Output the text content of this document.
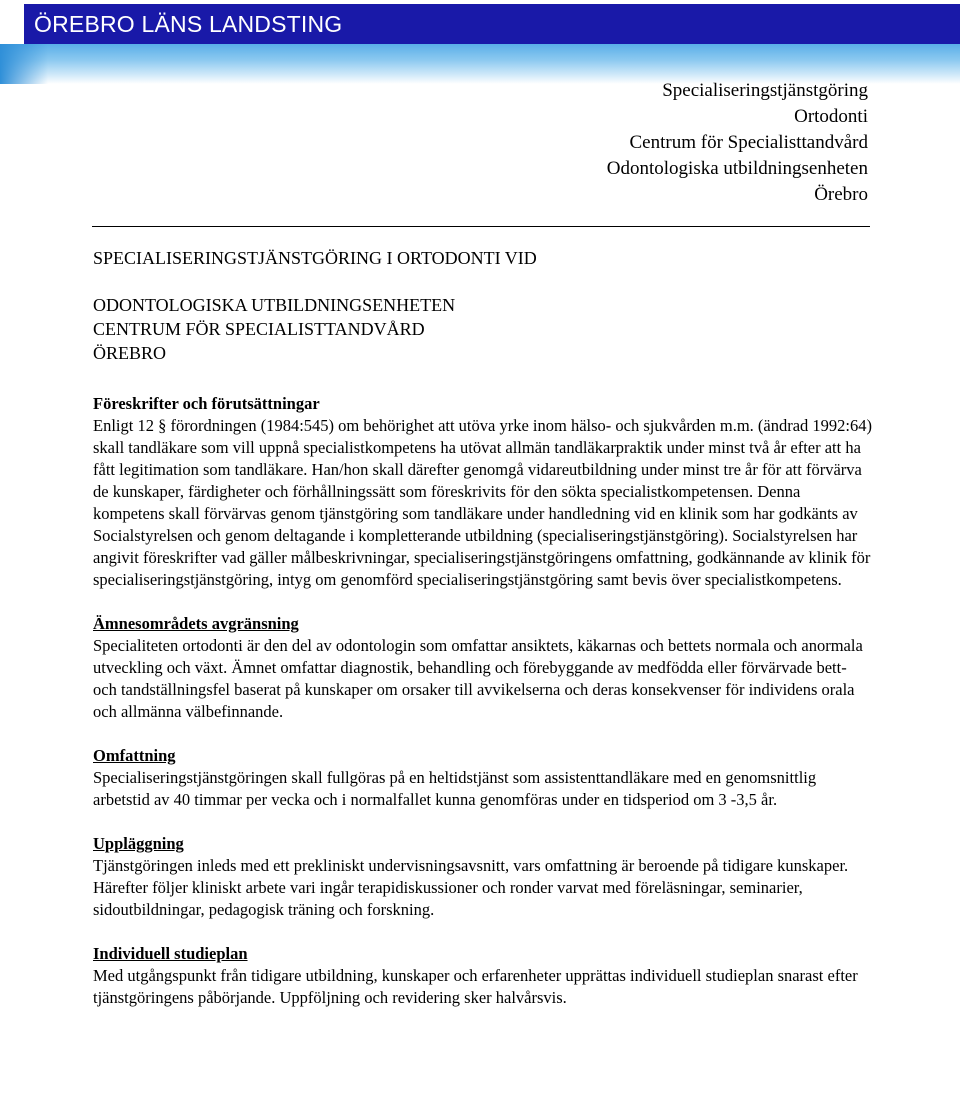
ÖREBRO LÄNS LANDSTING
Specialiseringstjänstgöring
Ortodonti
Centrum för Specialisttandvård
Odontologiska utbildningsenheten
Örebro
SPECIALISERINGSTJÄNSTGÖRING I ORTODONTI VID
ODONTOLOGISKA UTBILDNINGSENHETEN
CENTRUM FÖR SPECIALISTTANDVÅRD
ÖREBRO
Föreskrifter och förutsättningar

Enligt 12 § förordningen (1984:545) om behörighet att utöva yrke inom hälso- och sjukvården m.m. (ändrad 1992:64) skall tandläkare som vill uppnå specialistkompetens ha utövat allmän tandläkarpraktik under minst två år efter att ha fått legitimation som tandläkare. Han/hon skall därefter genomgå vidareutbildning under minst tre år för att förvärva de kunskaper, färdigheter och förhållningssätt som föreskrivits för den sökta specialistkompetensen. Denna kompetens skall förvärvas genom tjänstgöring som tandläkare under handledning vid en klinik som har godkänts av Socialstyrelsen och genom deltagande i kompletterande utbildning (specialiseringstjänstgöring). Socialstyrelsen har angivit föreskrifter vad gäller målbeskrivningar, specialiseringstjänstgöringens omfattning, godkännande av klinik för specialiseringstjänstgöring, intyg om genomförd specialiseringstjänstgöring samt bevis över specialistkompetens.

Ämnesområdets avgränsning

Specialiteten ortodonti är den del av odontologin som omfattar ansiktets, käkarnas och bettets normala och anormala utveckling och växt. Ämnet omfattar diagnostik, behandling och förebyggande av medfödda eller förvärvade bett- och tandställningsfel baserat på kunskaper om orsaker till avvikelserna och deras konsekvenser för individens orala och allmänna välbefinnande.

Omfattning

Specialiseringstjänstgöringen skall fullgöras på en heltidstjänst som assistenttandläkare med en genomsnittlig arbetstid av 40 timmar per vecka och i normalfallet kunna genomföras under en tidsperiod om 3 -3,5 år.

Uppläggning

Tjänstgöringen inleds med ett prekliniskt undervisningsavsnitt, vars omfattning är beroende på tidigare kunskaper. Härefter följer kliniskt arbete vari ingår terapidiskussioner och ronder varvat med föreläsningar, seminarier, sidoutbildningar, pedagogisk träning och forskning.

Individuell studieplan

Med utgångspunkt från tidigare utbildning, kunskaper och erfarenheter upprättas individuell studieplan snarast efter tjänstgöringens påbörjande. Uppföljning och revidering sker halvårsvis.
